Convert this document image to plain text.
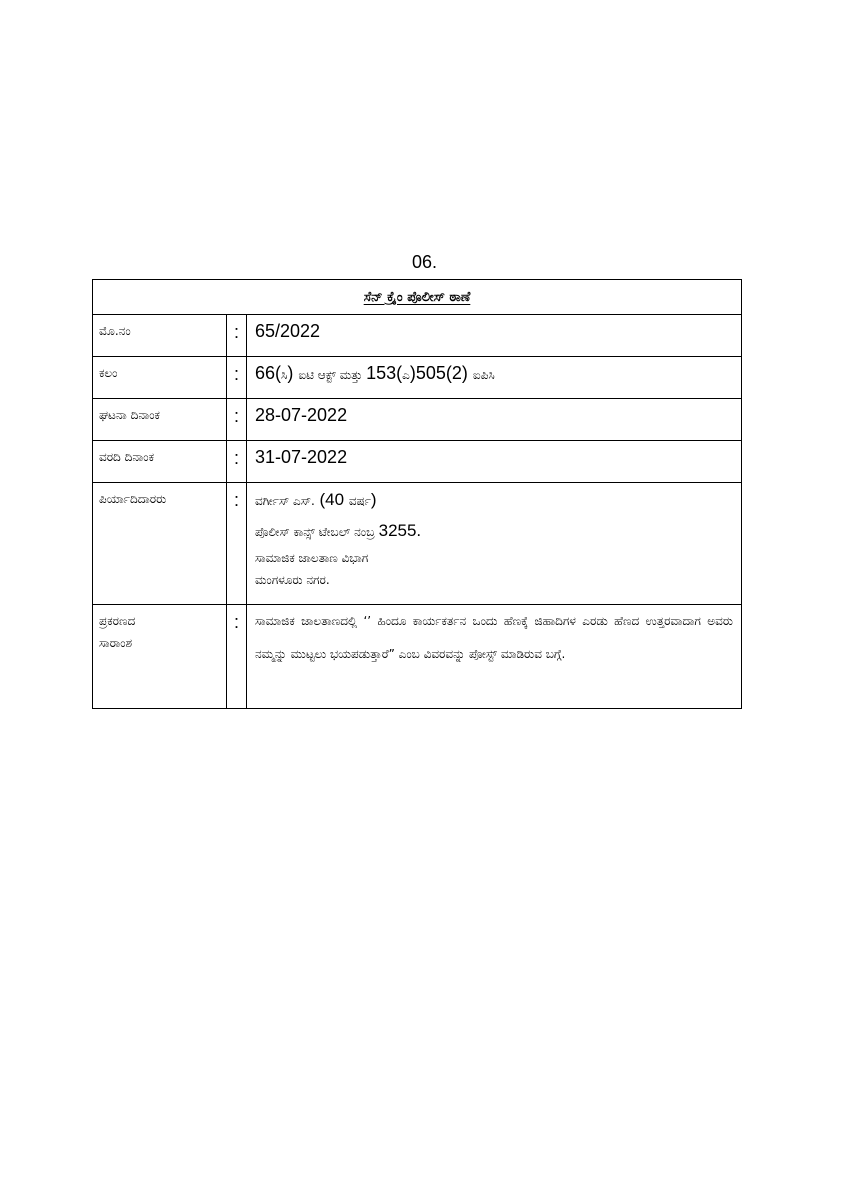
06.
ಸೆನ್ ಕ್ರೈಂ ಪೊಲೀಸ್ ಠಾಣೆ		
ಮೊ.ನಂ	:	65/2022
ಕಲಂ	:	66(ಸಿ) ಐಟಿ ಆಕ್ಟ್ ಮತ್ತು 153(ಎ)505(2) ಐಪಿಸಿ
ಘಟನಾ ದಿನಾಂಕ	:	28-07-2022
ವರದಿ ದಿನಾಂಕ	:	31-07-2022
ಪಿರ್ಯಾದಿದಾರರು	:	ವರ್ಗೀಸ್ ಎಸ್. (40 ವರ್ಷ)
ಪೊಲೀಸ್ ಕಾನ್ಸ್ ಟೇಬಲ್ ನಂಬ್ರ 3255.
ಸಾಮಾಜಿಕ ಜಾಲತಾಣ ವಿಭಾಗ
ಮಂಗಳೂರು ನಗರ.

ಪ್ರಕರಣದ
ಸಾರಾಂಶ	:	ಸಾಮಾಜಿಕ ಜಾಲತಾಣದಲ್ಲಿ ‘’ ಹಿಂದೂ ಕಾರ್ಯಕರ್ತನ ಒಂದು ಹೆಣಕ್ಕೆ ಜಿಹಾದಿಗಳ ಎರಡು ಹೆಣದ ಉತ್ತರವಾದಾಗ ಅವರು ನಮ್ಮನ್ನು ಮುಟ್ಟಲು ಭಯಪಡುತ್ತಾರೆ” ಎಂಬ ವಿವರವನ್ನು ಪೋಸ್ಟ್ ಮಾಡಿರುವ ಬಗ್ಗೆ.
